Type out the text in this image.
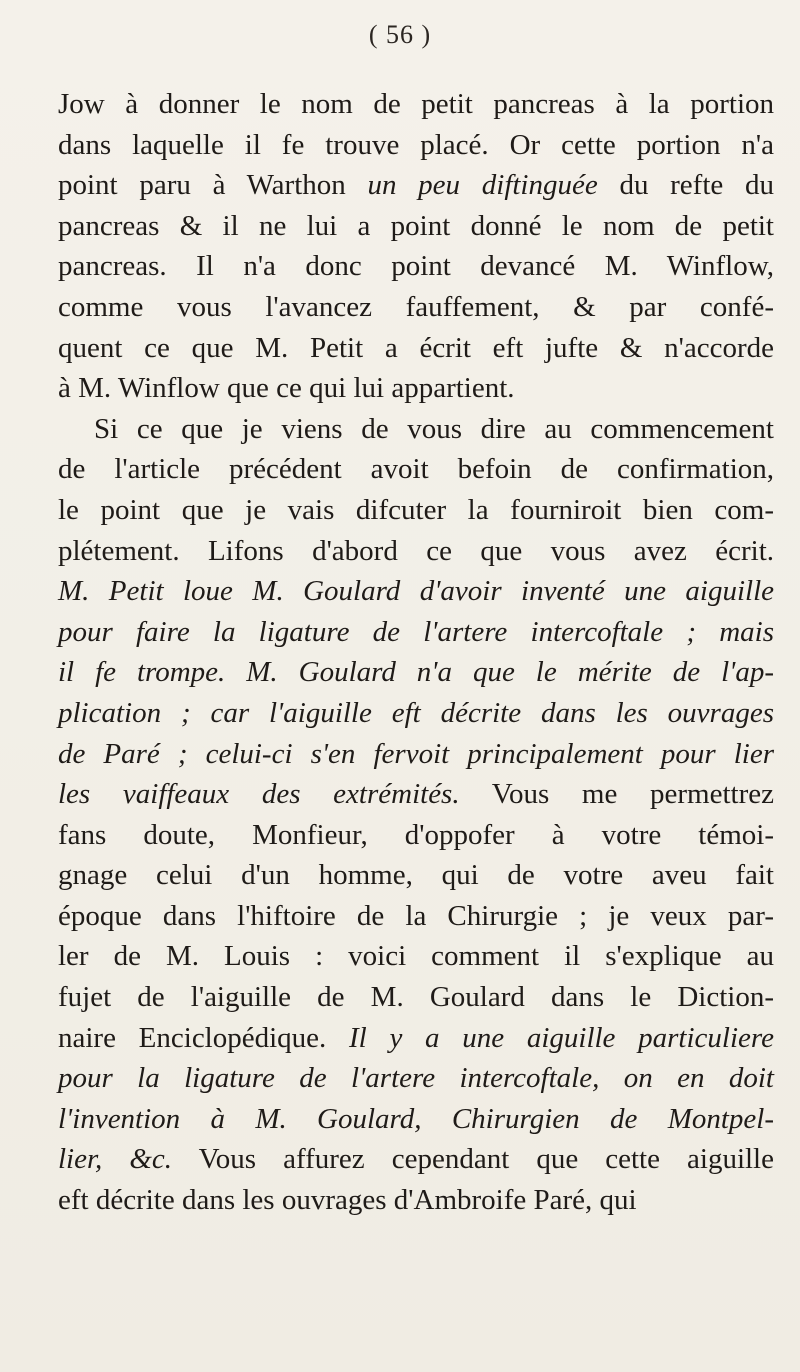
( 56 )
Jow à donner le nom de petit pancreas à la portion
dans laquelle il fe trouve placé. Or cette portion n'a
point paru à Warthon un peu diftinguée du refte du
pancreas & il ne lui a point donné le nom de petit
pancreas. Il n'a donc point devancé M. Winflow,
comme vous l'avancez fauffement, & par confé-
quent ce que M. Petit a écrit eft jufte & n'accorde
à M. Winflow que ce qui lui appartient.
Si ce que je viens de vous dire au commencement
de l'article précédent avoit befoin de confirmation,
le point que je vais difcuter la fourniroit bien com-
plétement. Lifons d'abord ce que vous avez écrit.
M. Petit loue M. Goulard d'avoir inventé une aiguille
pour faire la ligature de l'artere intercoftale ; mais
il fe trompe. M. Goulard n'a que le mérite de l'ap-
plication ; car l'aiguille eft décrite dans les ouvrages
de Paré ; celui-ci s'en fervoit principalement pour lier
les vaiffeaux des extrémités. Vous me permettrez
fans doute, Monfieur, d'oppofer à votre témoi-
gnage celui d'un homme, qui de votre aveu fait
époque dans l'hiftoire de la Chirurgie ; je veux par-
ler de M. Louis : voici comment il s'explique au
fujet de l'aiguille de M. Goulard dans le Diction-
naire Enciclopédique. Il y a une aiguille particuliere
pour la ligature de l'artere intercoftale, on en doit
l'invention à M. Goulard, Chirurgien de Montpel-
lier, &c. Vous affurez cependant que cette aiguille
eft décrite dans les ouvrages d'Ambroife Paré, qui
